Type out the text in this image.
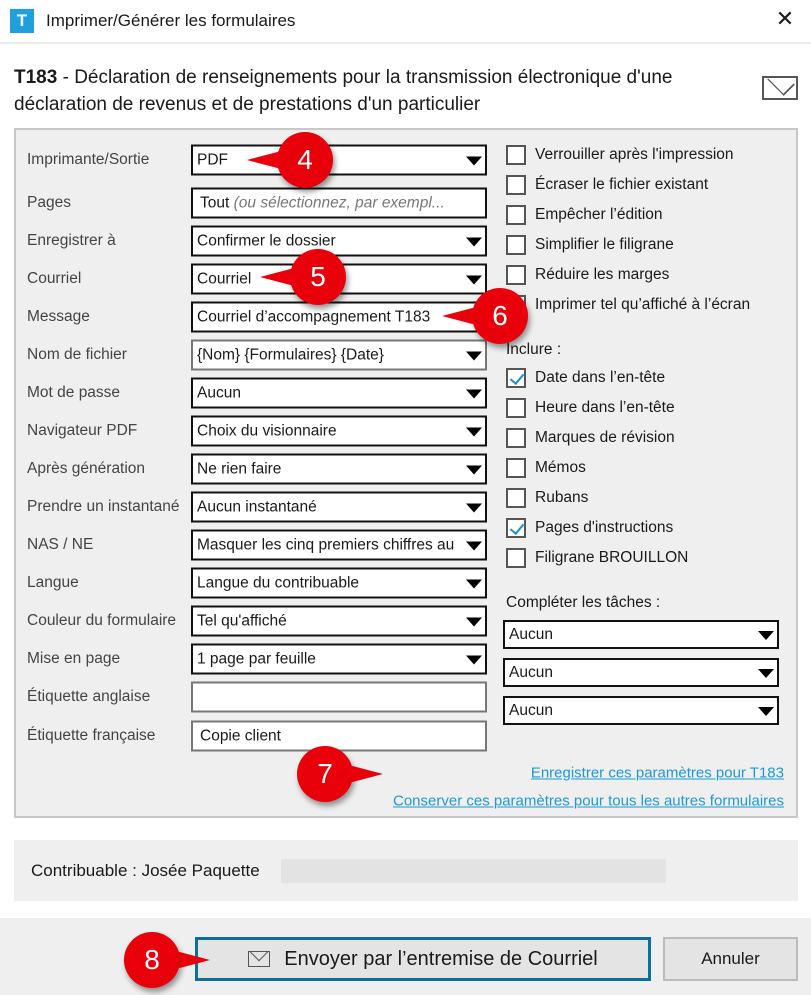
T	Imprimer/Générer les formulaires	✕
T183 - Déclaration de renseignements pour la transmission électronique d'une déclaration de revenus et de prestations d'un particulier
Imprimante/Sortie	PDF
Pages	Tout (ou sélectionnez, par exempl...
Enregistrer à	Confirmer le dossier
Courriel	Courriel
Message	Courriel d’accompagnement T183
Nom de fichier	{Nom} {Formulaires} {Date}
Mot de passe	Aucun
Navigateur PDF	Choix du visionnaire
Après génération	Ne rien faire
Prendre un instantané	Aucun instantané
NAS / NE	Masquer les cinq premiers chiffres au
Langue	Langue du contribuable
Couleur du formulaire	Tel qu'affiché
Mise en page	1 page par feuille
Étiquette anglaise
Étiquette française	Copie client
Verrouiller après l'impression
Écraser le fichier existant
Empêcher l’édition
Simplifier le filigrane
Réduire les marges
Imprimer tel qu’affiché à l’écran
Date dans l’en-tête
Heure dans l’en-tête
Marques de révision
Mémos
Rubans
Pages d'instructions
Filigrane BROUILLON
Aucun
Aucun
Aucun
Inclure :
Compléter les tâches :
Enregistrer ces paramètres pour T183
Conserver ces paramètres pour tous les autres formulaires
Contribuable : Josée Paquette
Envoyer par l’entremise de Courriel	Annuler
4
5
6
7
8
